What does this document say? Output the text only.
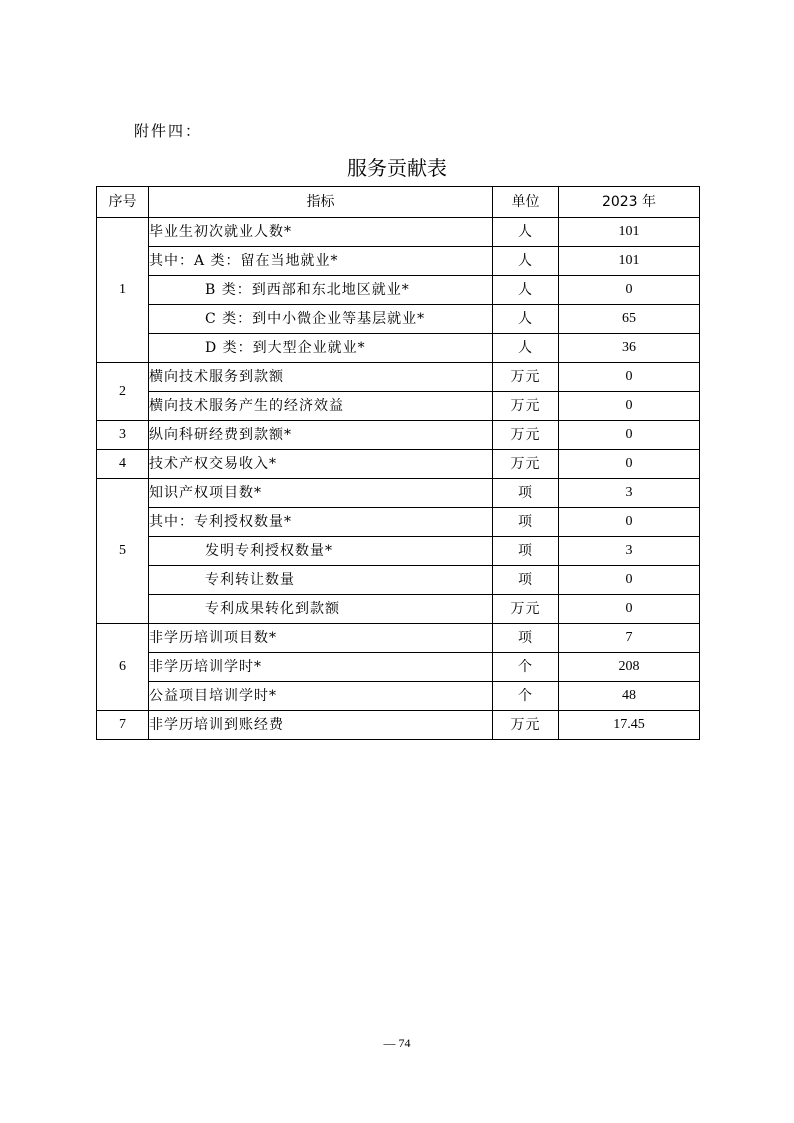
附件四：
服务贡献表
序号	指标	单位	2023 年
1	毕业生初次就业人数*	人	101
	其中：A 类：留在当地就业*	人	101
	B 类：到西部和东北地区就业*	人	0
	C 类：到中小微企业等基层就业*	人	65
	D 类：到大型企业就业*	人	36
2	横向技术服务到款额	万元	0
	横向技术服务产生的经济效益	万元	0
3	纵向科研经费到款额*	万元	0
4	技术产权交易收入*	万元	0
5	知识产权项目数*	项	3
	其中：专利授权数量*	项	0
	发明专利授权数量*	项	3
	专利转让数量	项	0
	专利成果转化到款额	万元	0
6	非学历培训项目数*	项	7
	非学历培训学时*	个	208
	公益项目培训学时*	个	48
7	非学历培训到账经费	万元	17.45
— 74
